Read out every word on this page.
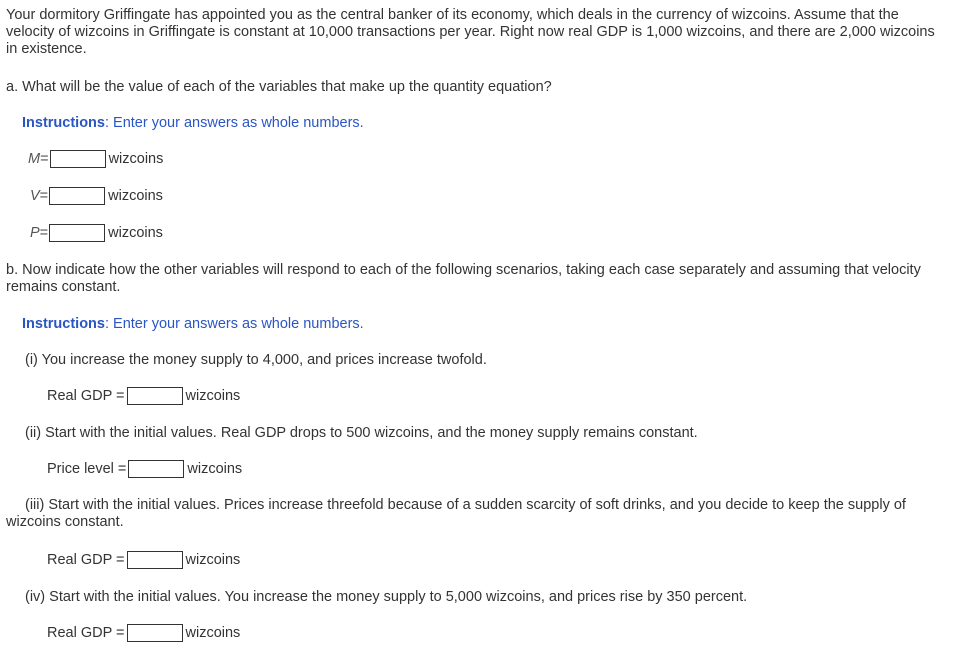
Your dormitory Griffingate has appointed you as the central banker of its economy, which deals in the currency of wizcoins. Assume that the velocity of wizcoins in Griffingate is constant at 10,000 transactions per year. Right now real GDP is 1,000 wizcoins, and there are 2,000 wizcoins in existence.
a. What will be the value of each of the variables that make up the quantity equation?
Instructions: Enter your answers as whole numbers.
M =	wizcoins
V =	wizcoins
P =	wizcoins
b. Now indicate how the other variables will respond to each of the following scenarios, taking each case separately and assuming that velocity remains constant.
Instructions: Enter your answers as whole numbers.
(i) You increase the money supply to 4,000, and prices increase twofold.
Real GDP =	wizcoins
(ii) Start with the initial values. Real GDP drops to 500 wizcoins, and the money supply remains constant.
Price level =	wizcoins
(iii) Start with the initial values. Prices increase threefold because of a sudden scarcity of soft drinks, and you decide to keep the supply of wizcoins constant.
Real GDP =	wizcoins
(iv) Start with the initial values. You increase the money supply to 5,000 wizcoins, and prices rise by 350 percent.
Real GDP =	wizcoins
